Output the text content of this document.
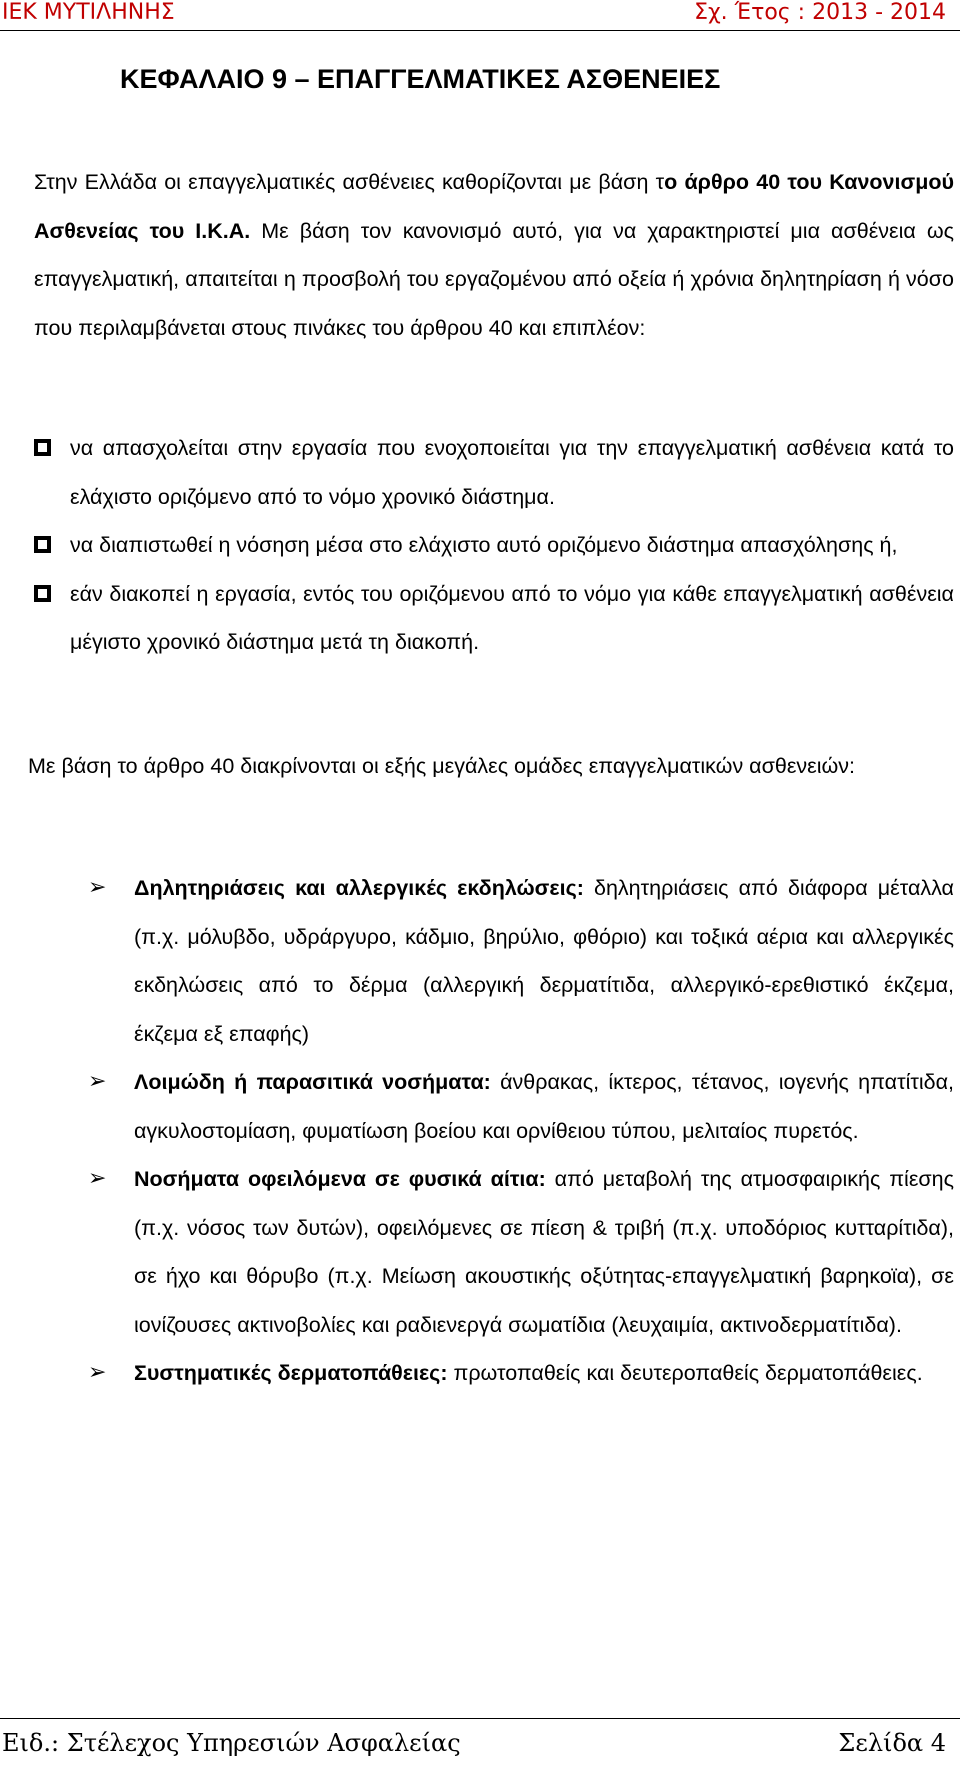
ΙΕΚ ΜΥΤΙΛΗΝΗΣ	Σχ. Έτος : 2013 - 2014
ΚΕΦΑΛΑΙΟ 9 – ΕΠΑΓΓΕΛΜΑΤΙΚΕΣ ΑΣΘΕΝΕΙΕΣ

Στην Ελλάδα οι επαγγελματικές ασθένειες καθορίζονται με βάση το άρθρο 40 του Κανονισμού Ασθενείας του Ι.Κ.Α. Με βάση τον κανονισμό αυτό, για να χαρακτηριστεί μια ασθένεια ως επαγγελματική, απαιτείται η προσβολή του εργαζομένου από οξεία ή χρόνια δηλητηρίαση ή νόσο που περιλαμβάνεται στους πινάκες του άρθρου 40 και επιπλέον:

να απασχολείται στην εργασία που ενοχοποιείται για την επαγγελματική ασθένεια κατά το ελάχιστο οριζόμενο από το νόμο χρονικό διάστημα.
να διαπιστωθεί η νόσηση μέσα στο ελάχιστο αυτό οριζόμενο διάστημα απασχόλησης ή,
εάν διακοπεί η εργασία, εντός του οριζόμενου από το νόμο για κάθε επαγγελματική ασθένεια μέγιστο χρονικό διάστημα μετά τη διακοπή.

Με βάση το άρθρο 40 διακρίνονται οι εξής μεγάλες ομάδες επαγγελματικών ασθενειών:

➢ Δηλητηριάσεις και αλλεργικές εκδηλώσεις: δηλητηριάσεις από διάφορα μέταλλα (π.χ. μόλυβδο, υδράργυρο, κάδμιο, βηρύλιο, φθόριο) και τοξικά αέρια και αλλεργικές εκδηλώσεις από το δέρμα (αλλεργική δερματίτιδα, αλλεργικό-ερεθιστικό έκζεμα, έκζεμα εξ επαφής)
➢ Λοιμώδη ή παρασιτικά νοσήματα: άνθρακας, ίκτερος, τέτανος, ιογενής ηπατίτιδα, αγκυλοστομίαση, φυματίωση βοείου και ορνίθειου τύπου, μελιταίος πυρετός.
➢ Νοσήματα οφειλόμενα σε φυσικά αίτια: από μεταβολή της ατμοσφαιρικής πίεσης (π.χ. νόσος των δυτών), οφειλόμενες σε πίεση & τριβή (π.χ. υποδόριος κυτταρίτιδα), σε ήχο και θόρυβο (π.χ. Μείωση ακουστικής οξύτητας-επαγγελματική βαρηκοϊα), σε ιονίζουσες ακτινοβολίες και ραδιενεργά σωματίδια (λευχαιμία, ακτινοδερματίτιδα).
➢ Συστηματικές δερματοπάθειες: πρωτοπαθείς και δευτεροπαθείς δερματοπάθειες.
Ειδ.: Στέλεχος Υπηρεσιών Ασφαλείας	Σελίδα 4
